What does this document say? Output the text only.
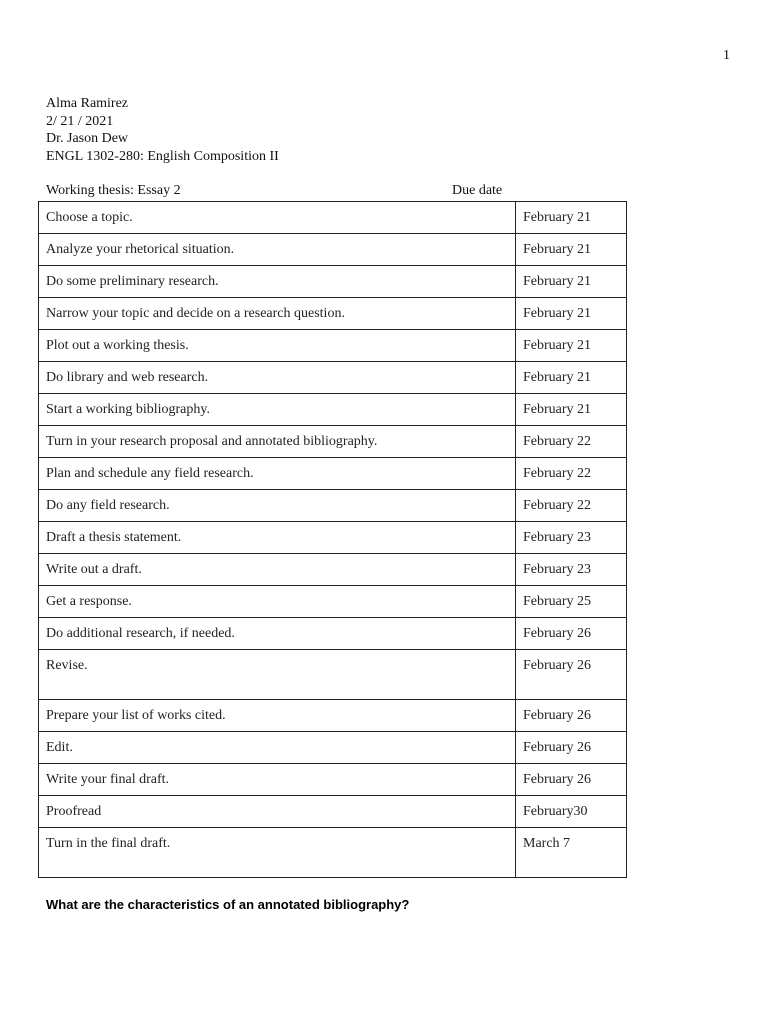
1
Alma Ramirez
2/ 21 / 2021
Dr. Jason Dew
ENGL 1302-280: English Composition II
Working thesis: Essay 2	Due date
Choose a topic.	February 21
Analyze your rhetorical situation.	February 21
Do some preliminary research.	February 21
Narrow your topic and decide on a research question.	February 21
Plot out a working thesis.	February 21
Do library and web research.	February 21
Start a working bibliography.	February 21
Turn in your research proposal and annotated bibliography.	February 22
Plan and schedule any field research.	February 22
Do any field research.	February 22
Draft a thesis statement.	February 23
Write out a draft.	February 23
Get a response.	February 25
Do additional research, if needed.	February 26
Revise.	February 26
Prepare your list of works cited.	February 26
Edit.	February 26
Write your final draft.	February 26
Proofread	February30
Turn in the final draft.	March 7
What are the characteristics of an annotated bibliography?
